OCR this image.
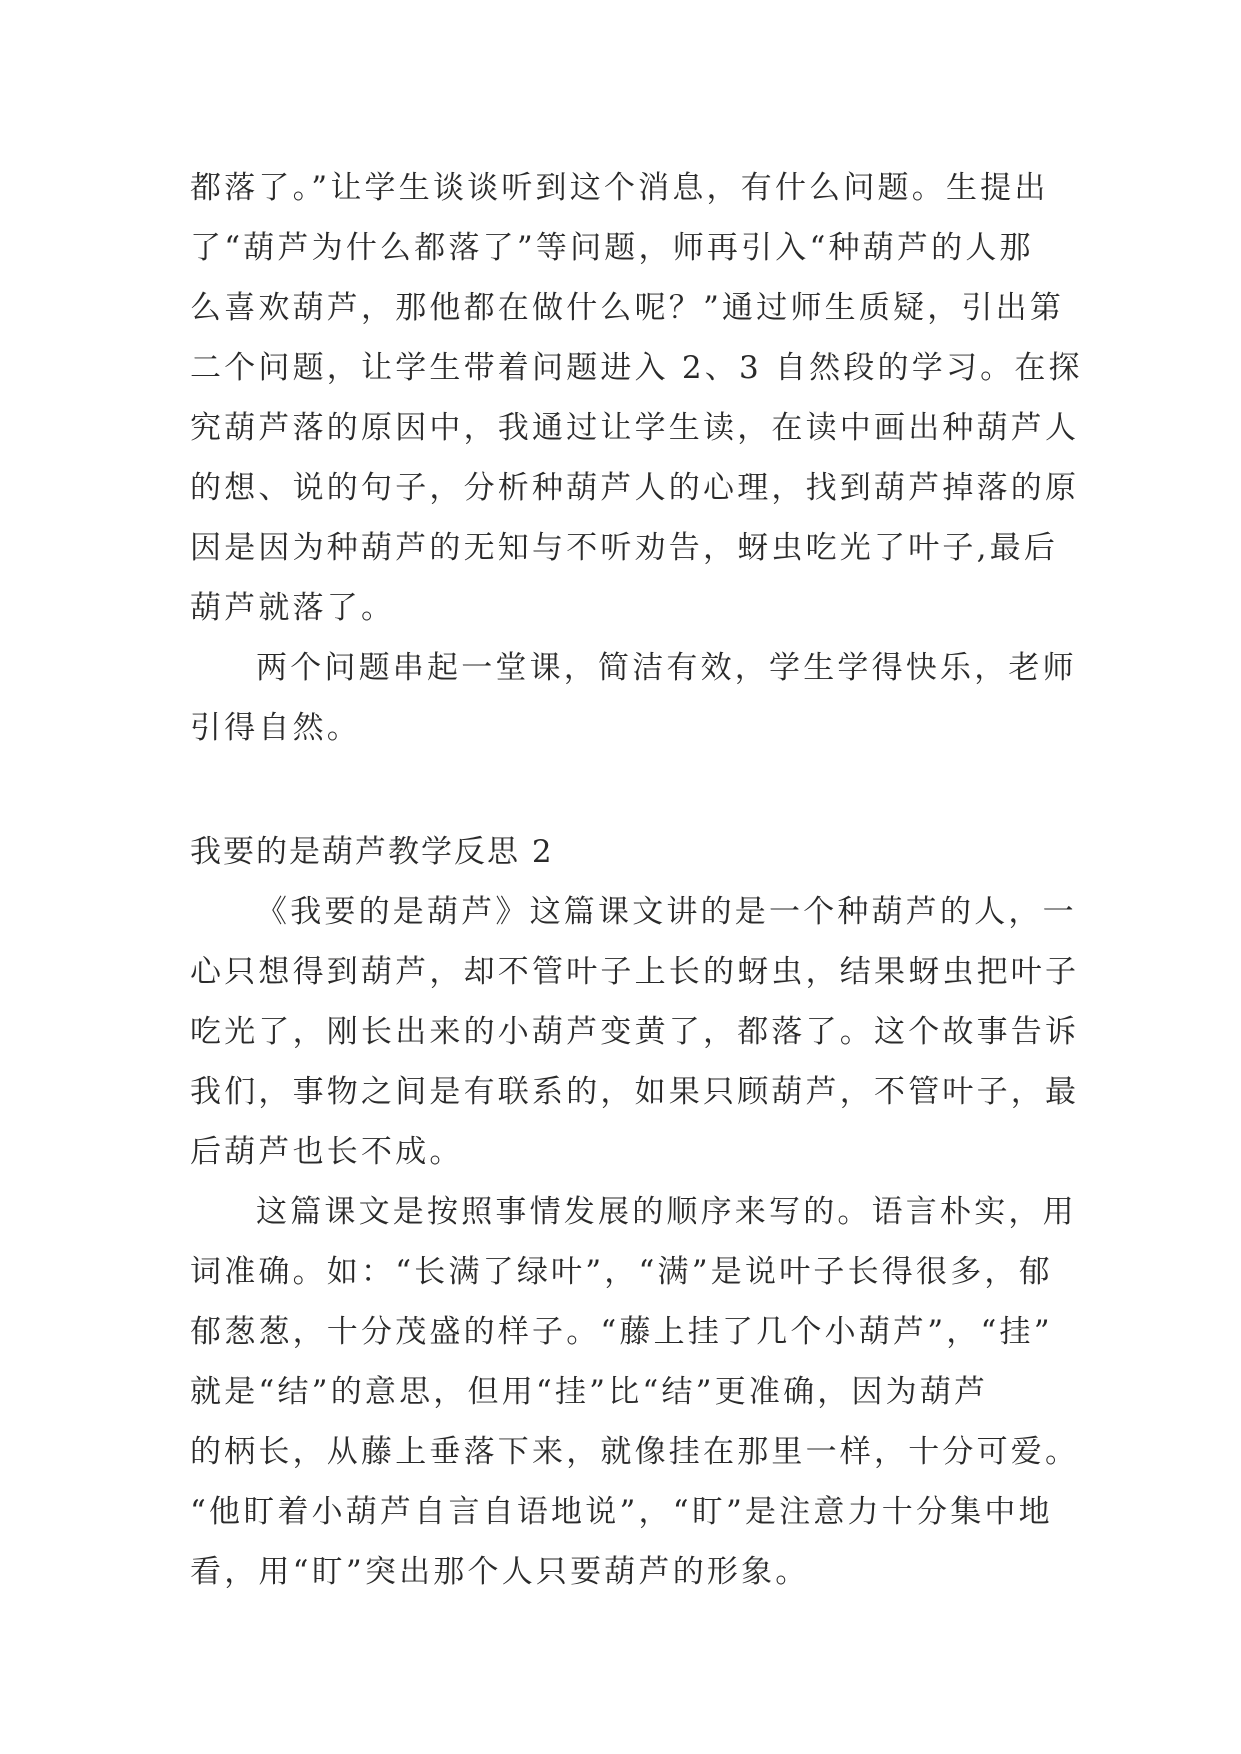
都落了。”让学生谈谈听到这个消息，有什么问题。生提出
了“葫芦为什么都落了”等问题，师再引入“种葫芦的人那
么喜欢葫芦，那他都在做什么呢？”通过师生质疑，引出第
二个问题，让学生带着问题进入 2、3 自然段的学习。在探
究葫芦落的原因中，我通过让学生读，在读中画出种葫芦人
的想、说的句子，分析种葫芦人的心理，找到葫芦掉落的原
因是因为种葫芦的无知与不听劝告，蚜虫吃光了叶子,最后
葫芦就落了。
两个问题串起一堂课，简洁有效，学生学得快乐，老师
引得自然。
我要的是葫芦教学反思 2
《我要的是葫芦》这篇课文讲的是一个种葫芦的人，一
心只想得到葫芦，却不管叶子上长的蚜虫，结果蚜虫把叶子
吃光了，刚长出来的小葫芦变黄了，都落了。这个故事告诉
我们，事物之间是有联系的，如果只顾葫芦，不管叶子，最
后葫芦也长不成。
这篇课文是按照事情发展的顺序来写的。语言朴实，用
词准确。如：“长满了绿叶”，“满”是说叶子长得很多，郁
郁葱葱，十分茂盛的样子。“藤上挂了几个小葫芦”，“挂”
就是“结”的意思，但用“挂”比“结”更准确，因为葫芦
的柄长，从藤上垂落下来，就像挂在那里一样，十分可爱。
“他盯着小葫芦自言自语地说”，“盯”是注意力十分集中地
看，用“盯”突出那个人只要葫芦的形象。
